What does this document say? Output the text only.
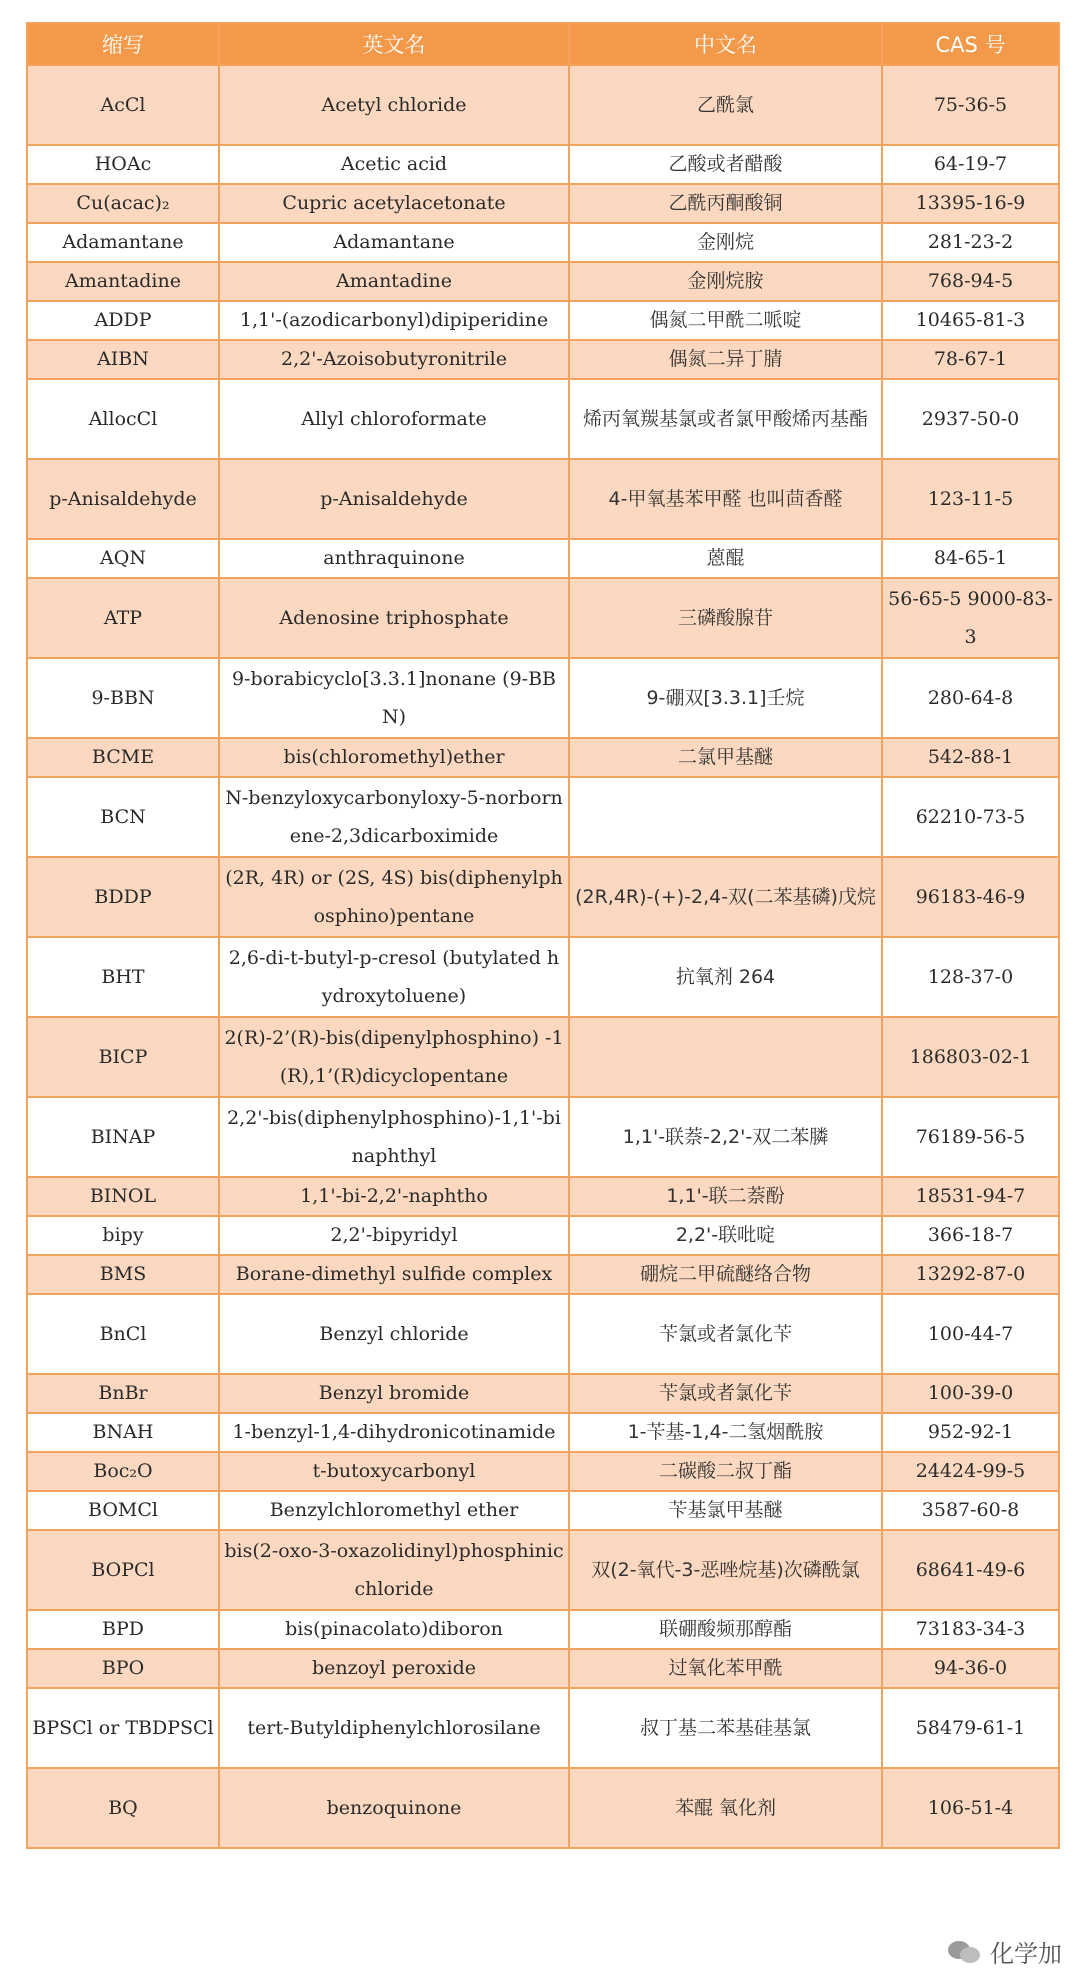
缩写	英文名	中文名	CAS 号
AcCl	Acetyl chloride	乙酰氯	75-36-5
HOAc	Acetic acid	乙酸或者醋酸	64-19-7
Cu(acac)₂	Cupric acetylacetonate	乙酰丙酮酸铜	13395-16-9
Adamantane	Adamantane	金刚烷	281-23-2
Amantadine	Amantadine	金刚烷胺	768-94-5
ADDP	1,1'-(azodicarbonyl)dipiperidine	偶氮二甲酰二哌啶	10465-81-3
AIBN	2,2'-Azoisobutyronitrile	偶氮二异丁腈	78-67-1
AllocCl	Allyl chloroformate	烯丙氧羰基氯或者氯甲酸烯丙基酯	2937-50-0
p-Anisaldehyde	p-Anisaldehyde	4-甲氧基苯甲醛 也叫茴香醛	123-11-5
AQN	anthraquinone	蒽醌	84-65-1
ATP	Adenosine triphosphate	三磷酸腺苷	56-65-5 9000-83-3
9-BBN	9-borabicyclo[3.3.1]nonane (9-BBN)	9-硼双[3.3.1]壬烷	280-64-8
BCME	bis(chloromethyl)ether	二氯甲基醚	542-88-1
BCN	N-benzyloxycarbonyloxy-5-norbornene-2,3dicarboximide		62210-73-5
BDDP	(2R, 4R) or (2S, 4S) bis(diphenylphosphino)pentane	(2R,4R)-(+)-2,4-双(二苯基磷)戊烷	96183-46-9
BHT	2,6-di-t-butyl-p-cresol (butylated hydroxytoluene)	抗氧剂 264	128-37-0
BICP	2(R)-2’(R)-bis(dipenylphosphino) -1(R),1’(R)dicyclopentane		186803-02-1
BINAP	2,2'-bis(diphenylphosphino)-1,1'-binaphthyl	1,1'-联萘-2,2'-双二苯膦	76189-56-5
BINOL	1,1'-bi-2,2'-naphtho	1,1'-联二萘酚	18531-94-7
bipy	2,2'-bipyridyl	2,2'-联吡啶	366-18-7
BMS	Borane-dimethyl sulfide complex	硼烷二甲硫醚络合物	13292-87-0
BnCl	Benzyl chloride	苄氯或者氯化苄	100-44-7
BnBr	Benzyl bromide	苄氯或者氯化苄	100-39-0
BNAH	1-benzyl-1,4-dihydronicotinamide	1-苄基-1,4-二氢烟酰胺	952-92-1
Boc₂O	t-butoxycarbonyl	二碳酸二叔丁酯	24424-99-5
BOMCl	Benzylchloromethyl ether	苄基氯甲基醚	3587-60-8
BOPCl	bis(2-oxo-3-oxazolidinyl)phosphinic chloride	双(2-氧代-3-恶唑烷基)次磷酰氯	68641-49-6
BPD	bis(pinacolato)diboron	联硼酸频那醇酯	73183-34-3
BPO	benzoyl peroxide	过氧化苯甲酰	94-36-0
BPSCl or TBDPSCl	tert-Butyldiphenylchlorosilane	叔丁基二苯基硅基氯	58479-61-1
BQ	benzoquinone	苯醌 氧化剂	106-51-4
化学加
